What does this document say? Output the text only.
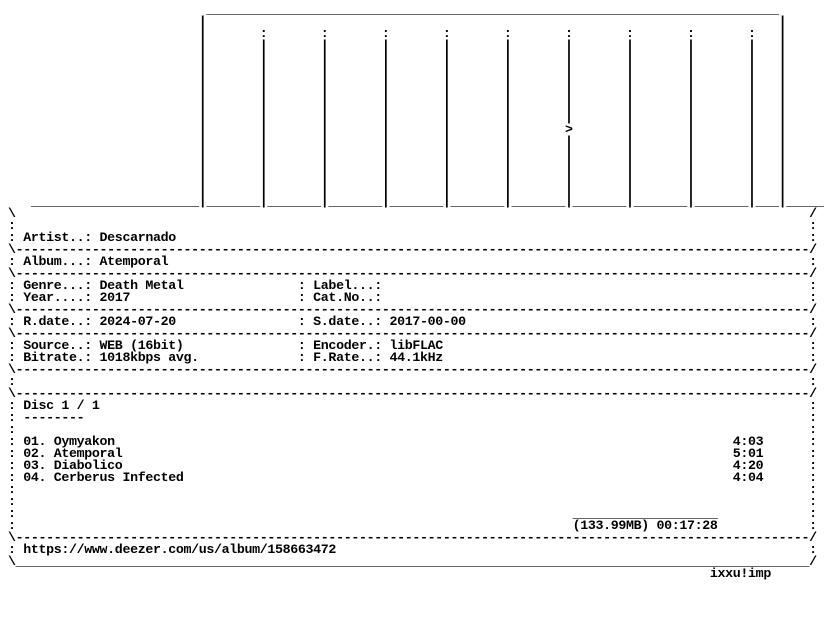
___________________________________________________________________________
|                                                                           |
|       :       :       :       :       :       :       :       :       :   |
|       |       |       |       |       |       |       |       |       |   |
|       |       |       |       |       |       |       |       |       |   |
|       |       |       |       |       |       |       |       |       |   |
|       |       |       |       |       |       |       |       |       |   |
|       |       |       |       |       |       |       |       |       |   |
|       |       |       |       |       |       |       |       |       |   |
|       |       |       |       |       |       |       |       |       |   |
|       |       |       |       |       |       >       |       |       |   |
|       |       |       |       |       |       |       |       |       |   |
|       |       |       |       |       |       |       |       |       |   |
|       |       |       |       |       |       |       |       |       |   |
|       |       |       |       |       |       |       |       |       |   |
|       |       |       |       |       |       |       |       |       |   |
______________________|_______|_______|_______|_______|_______|_______|_______|_______|_______|___|_____
\                                                                                                        /
:                                                                                                        :
: Artist..: Descarnado                                                                                   :
\--------------------------------------------------------------------------------------------------------/
: Album...: Atemporal                                                                                    :
\--------------------------------------------------------------------------------------------------------/
: Genre...: Death Metal               : Label...:                                                        :
: Year....: 2017                      : Cat.No..:                                                        :
\--------------------------------------------------------------------------------------------------------/
: R.date..: 2024-07-20                : S.date..: 2017-00-00                                             :
\--------------------------------------------------------------------------------------------------------/
: Source..: WEB (16bit)               : Encoder.: libFLAC                                                :
: Bitrate.: 1018kbps avg.             : F.Rate..: 44.1kHz                                                :
\--------------------------------------------------------------------------------------------------------/
:                                                                                                        :
\--------------------------------------------------------------------------------------------------------/
: Disc 1 / 1                                                                                             :
: --------                                                                                               :
:                                                                                                        :
: 01. Oymyakon                                                                                 4:03      :
: 02. Atemporal                                                                                5:01      :
: 03. Diabolico                                                                                4:20      :
: 04. Cerberus Infected                                                                        4:04      :
:                                                                                                        :
:                                                                                                        :
:                                                                         ___________________            :
:                                                                         (133.99MB) 00:17:28            :
\--------------------------------------------------------------------------------------------------------/
: https://www.deezer.com/us/album/158663472                                                              :
\________________________________________________________________________________________________________/
ixxu!imp
